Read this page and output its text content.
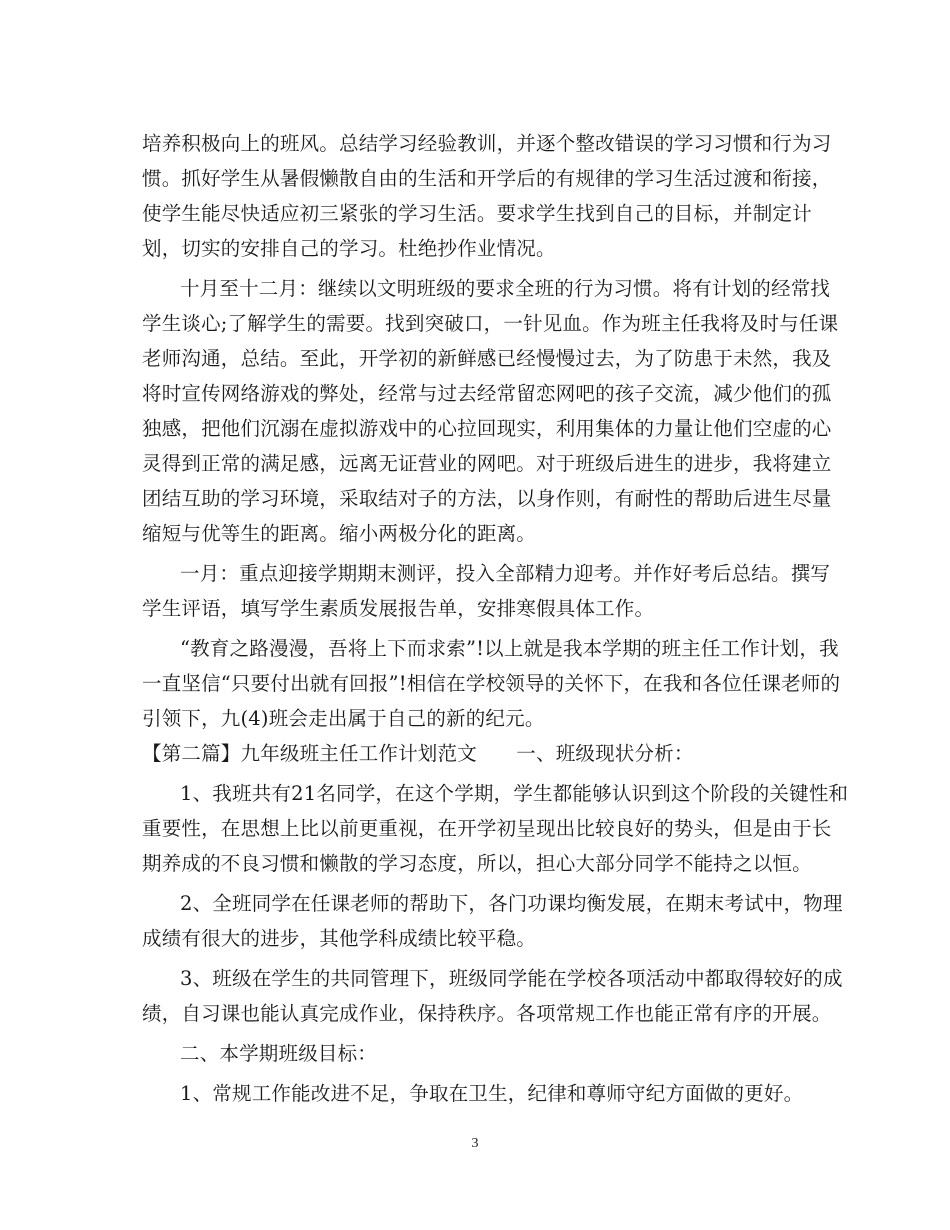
培养积极向上的班风。总结学习经验教训，并逐个整改错误的学习习惯和行为习
惯。抓好学生从暑假懒散自由的生活和开学后的有规律的学习生活过渡和衔接，
使学生能尽快适应初三紧张的学习生活。要求学生找到自己的目标，并制定计
划，切实的安排自己的学习。杜绝抄作业情况。
十月至十二月：继续以文明班级的要求全班的行为习惯。将有计划的经常找
学生谈心;了解学生的需要。找到突破口，一针见血。作为班主任我将及时与任课
老师沟通，总结。至此，开学初的新鲜感已经慢慢过去，为了防患于未然，我及
将时宣传网络游戏的弊处，经常与过去经常留恋网吧的孩子交流，减少他们的孤
独感，把他们沉溺在虚拟游戏中的心拉回现实，利用集体的力量让他们空虚的心
灵得到正常的满足感，远离无证营业的网吧。对于班级后进生的进步，我将建立
团结互助的学习环境，采取结对子的方法，以身作则，有耐性的帮助后进生尽量
缩短与优等生的距离。缩小两极分化的距离。
一月：重点迎接学期期末测评，投入全部精力迎考。并作好考后总结。撰写
学生评语，填写学生素质发展报告单，安排寒假具体工作。
“教育之路漫漫，吾将上下而求索”!以上就是我本学期的班主任工作计划，我
一直坚信“只要付出就有回报”!相信在学校领导的关怀下，在我和各位任课老师的
引领下，九(4)班会走出属于自己的新的纪元。
【第二篇】九年级班主任工作计划范文　　一、班级现状分析：
1、我班共有21名同学，在这个学期，学生都能够认识到这个阶段的关键性和
重要性，在思想上比以前更重视，在开学初呈现出比较良好的势头，但是由于长
期养成的不良习惯和懒散的学习态度，所以，担心大部分同学不能持之以恒。
2、全班同学在任课老师的帮助下，各门功课均衡发展，在期末考试中，物理
成绩有很大的进步，其他学科成绩比较平稳。
3、班级在学生的共同管理下，班级同学能在学校各项活动中都取得较好的成
绩，自习课也能认真完成作业，保持秩序。各项常规工作也能正常有序的开展。
二、本学期班级目标：
1、常规工作能改进不足，争取在卫生，纪律和尊师守纪方面做的更好。
3
